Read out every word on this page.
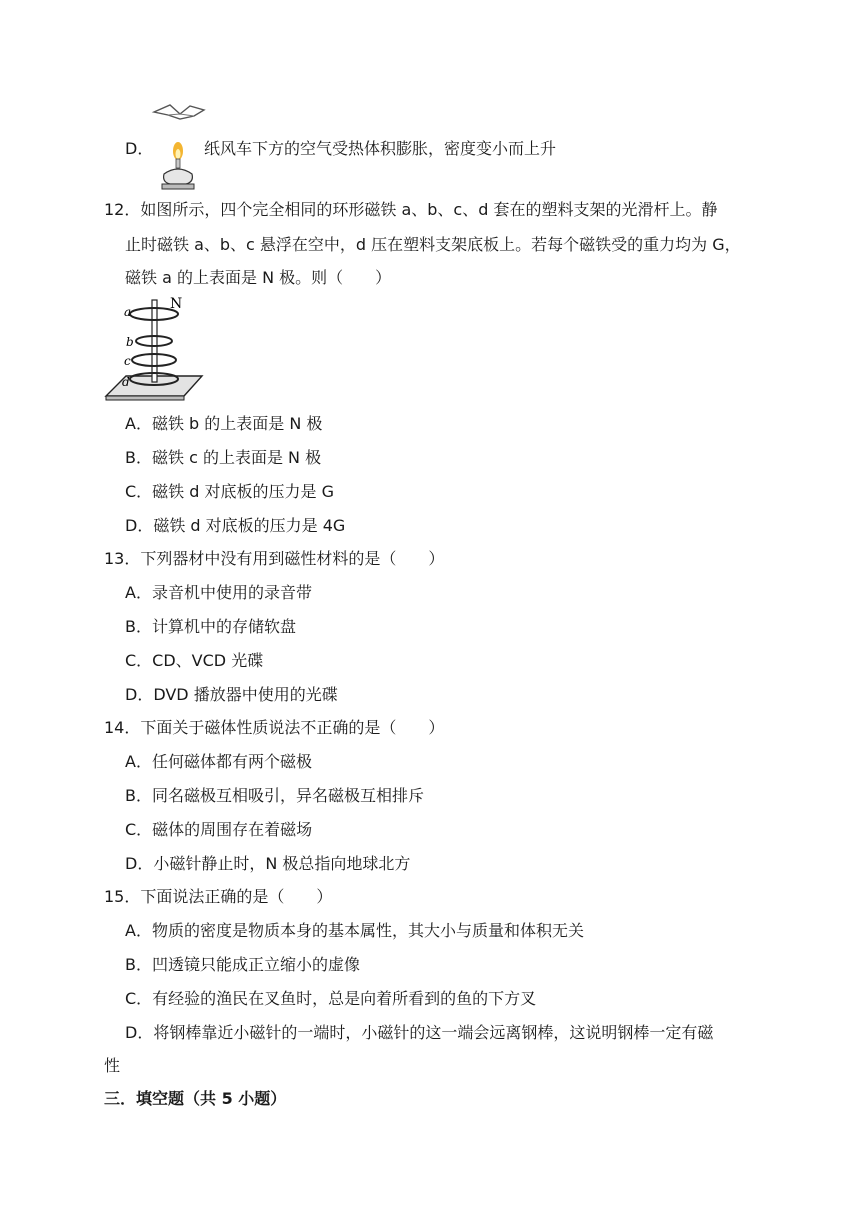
D．	纸风车下方的空气受热体积膨胀，密度变小而上升
12．如图所示，四个完全相同的环形磁铁 a、b、c、d 套在的塑料支架的光滑杆上。静
止时磁铁 a、b、c 悬浮在空中，d 压在塑料支架底板上。若每个磁铁受的重力均为 G，
磁铁 a 的上表面是 N 极。则（　　）
N
a
b
c
d
A．磁铁 b 的上表面是 N 极
B．磁铁 c 的上表面是 N 极
C．磁铁 d 对底板的压力是 G
D．磁铁 d 对底板的压力是 4G
13．下列器材中没有用到磁性材料的是（　　）
A．录音机中使用的录音带
B．计算机中的存储软盘
C．CD、VCD 光碟
D．DVD 播放器中使用的光碟
14．下面关于磁体性质说法不正确的是（　　）
A．任何磁体都有两个磁极
B．同名磁极互相吸引，异名磁极互相排斥
C．磁体的周围存在着磁场
D．小磁针静止时，N 极总指向地球北方
15．下面说法正确的是（　　）
A．物质的密度是物质本身的基本属性，其大小与质量和体积无关
B．凹透镜只能成正立缩小的虚像
C．有经验的渔民在叉鱼时，总是向着所看到的鱼的下方叉
D．将钢棒靠近小磁针的一端时，小磁针的这一端会远离钢棒，这说明钢棒一定有磁
性
三．填空题（共 5 小题）
